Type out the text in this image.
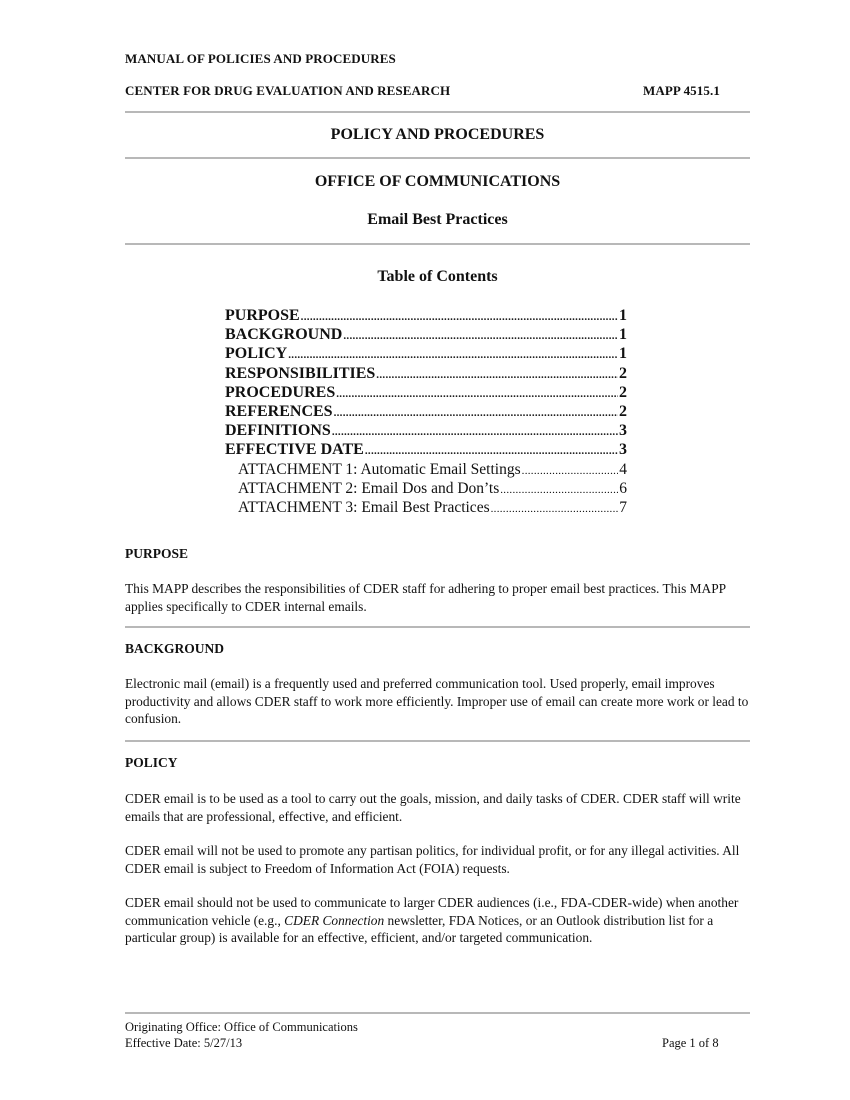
MANUAL OF POLICIES AND PROCEDURES
CENTER FOR DRUG EVALUATION AND RESEARCH	MAPP 4515.1
POLICY AND PROCEDURES
OFFICE OF COMMUNICATIONS
Email Best Practices
Table of Contents
PURPOSE .....	1
BACKGROUND .....	1
POLICY .....	1
RESPONSIBILITIES .....	2
PROCEDURES .....	2
REFERENCES .....	2
DEFINITIONS .....	3
EFFECTIVE DATE .....	3
ATTACHMENT 1: Automatic Email Settings .....	4
ATTACHMENT 2: Email Dos and Don’ts .....	6
ATTACHMENT 3: Email Best Practices .....	7
PURPOSE
This MAPP describes the responsibilities of CDER staff for adhering to proper email best practices. This MAPP applies specifically to CDER internal emails.
BACKGROUND
Electronic mail (email) is a frequently used and preferred communication tool. Used properly, email improves productivity and allows CDER staff to work more efficiently. Improper use of email can create more work or lead to confusion.
POLICY
CDER email is to be used as a tool to carry out the goals, mission, and daily tasks of CDER. CDER staff will write emails that are professional, effective, and efficient.
CDER email will not be used to promote any partisan politics, for individual profit, or for any illegal activities. All CDER email is subject to Freedom of Information Act (FOIA) requests.
CDER email should not be used to communicate to larger CDER audiences (i.e., FDA-CDER-wide) when another communication vehicle (e.g., CDER Connection newsletter, FDA Notices, or an Outlook distribution list for a particular group) is available for an effective, efficient, and/or targeted communication.
Originating Office: Office of Communications
Effective Date: 5/27/13	Page 1 of 8
